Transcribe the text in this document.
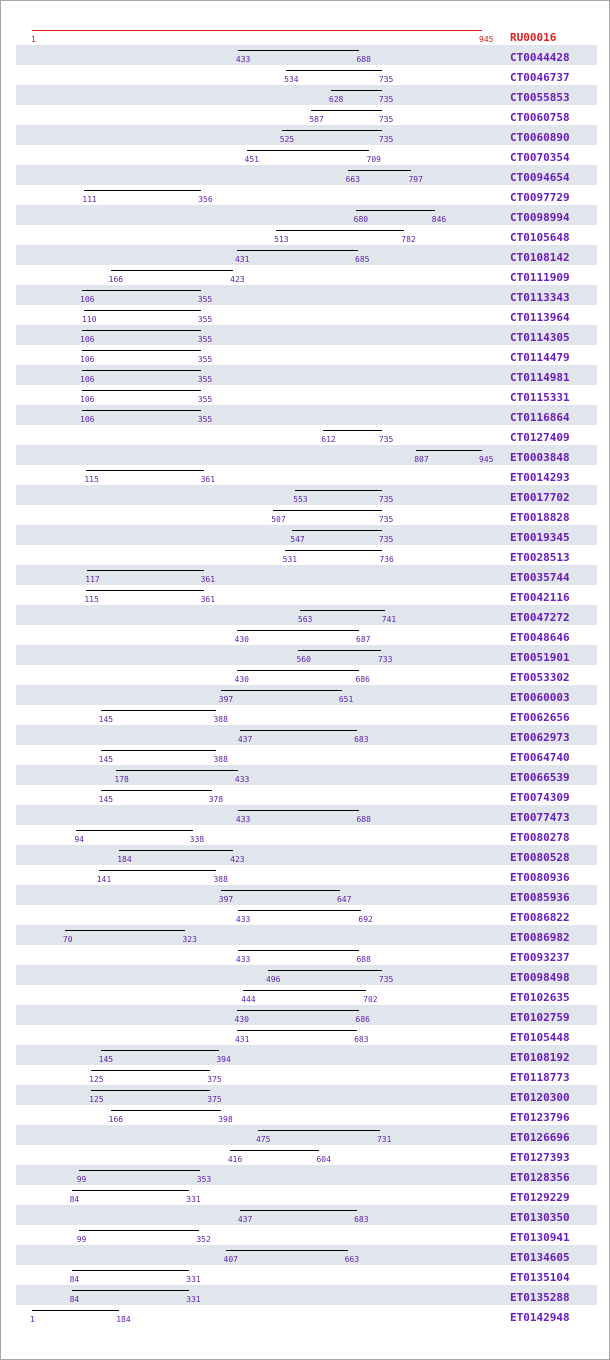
1	945 RU00016
433	688	CT0044428
534	735	CT0046737
628	735	CT0055853
587	735	CT0060758
525	735	CT0060890
451	709	CT0070354
663	797	CT0094654
111	356	CT0097729
680	846	CT0098994
513	782	CT0105648
431	685	CT0108142
166	423	CT0111909
106	355	CT0113343
110	355	CT0113964
106	355	CT0114305
106	355	CT0114479
106	355	CT0114981
106	355	CT0115331
106	355	CT0116864
612	735	CT0127409
807	945 ET0003848
115	361	ET0014293
553	735	ET0017702
507	735	ET0018828
547	735	ET0019345
531	736	ET0028513
117	361	ET0035744
115	361	ET0042116
563	741	ET0047272
430	687	ET0048646
560	733	ET0051901
430	686	ET0053302
397	651	ET0060003
145	388	ET0062656
437	683	ET0062973
145	388	ET0064740
178	433	ET0066539
145	378	ET0074309
433	688	ET0077473
94	338	ET0080278
184	423	ET0080528
141	388	ET0080936
397	647	ET0085936
433	692	ET0086822
70	323	ET0086982
433	688	ET0093237
496	735	ET0098498
444	702	ET0102635
430	686	ET0102759
431	683	ET0105448
145	394	ET0108192
125	375	ET0118773
125	375	ET0120300
166	398	ET0123796
475	731	ET0126696
416	604	ET0127393
99	353	ET0128356
84	331	ET0129229
437	683	ET0130350
99	352	ET0130941
407	663	ET0134605
84	331	ET0135104
84	331	ET0135288
1	184	ET0142948
